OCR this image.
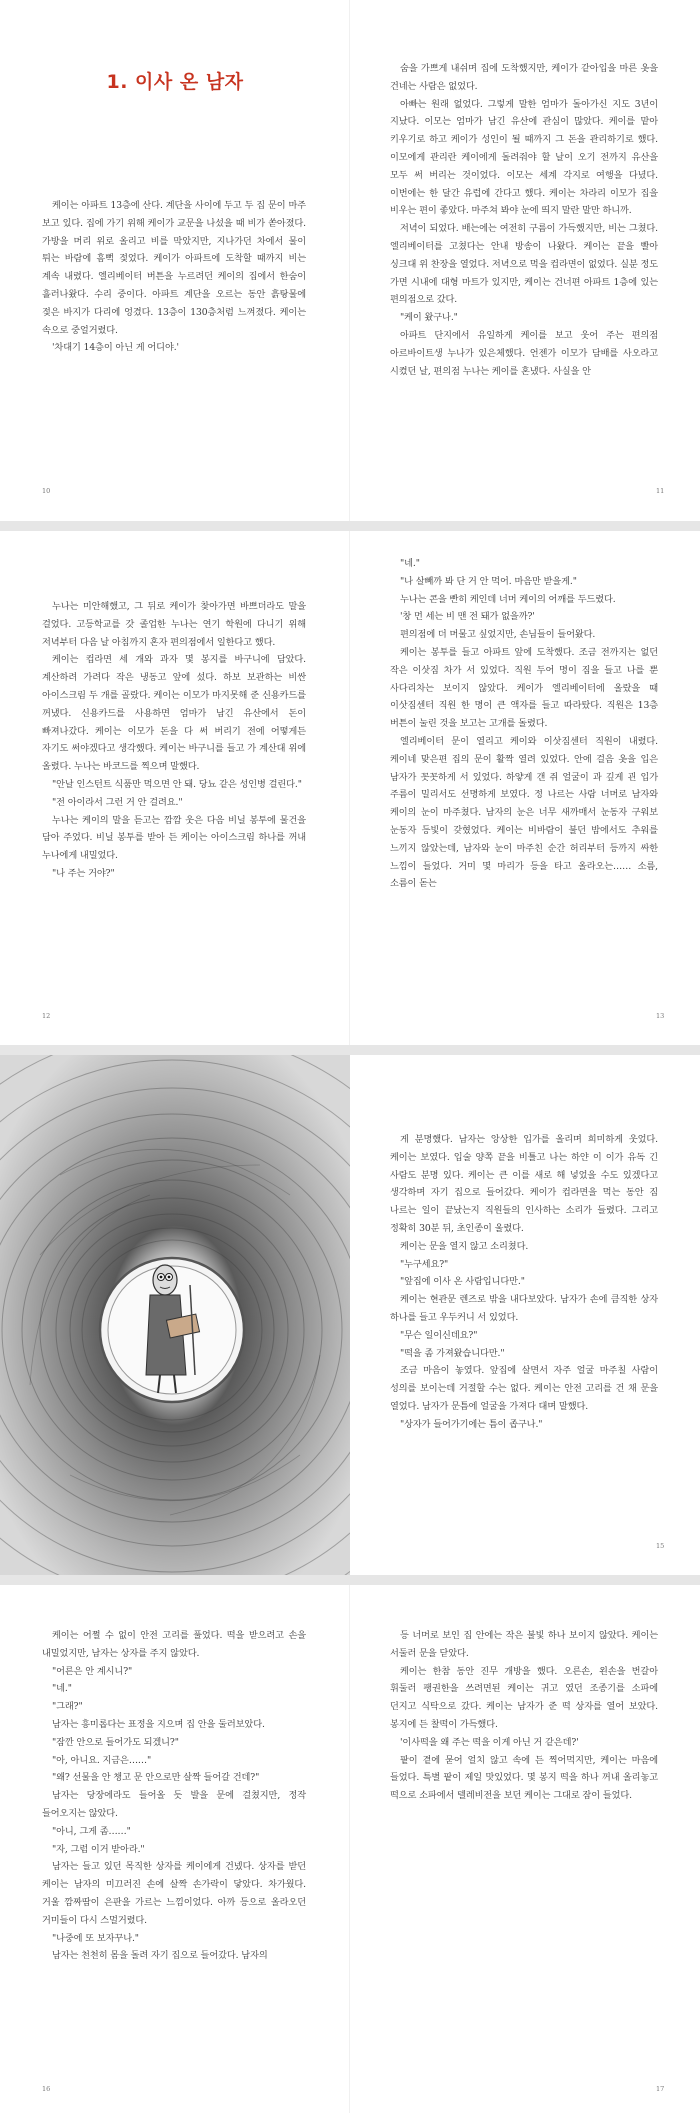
1. 이사 온 남자

케이는 아파트 13층에 산다. 계단을 사이에 두고 두 집 문이 마주 보고 있다. 집에 가기 위해 케이가 교문을 나섰을 때 비가 쏟아졌다. 가방을 머리 위로 올리고 비를 막았지만, 지나가던 차에서 물이 튀는 바람에 흠뻑 젖었다. 케이가 아파트에 도착할 때까지 비는 계속 내렸다. 엘리베이터 버튼을 누르려던 케이의 집에서 한숨이 흘러나왔다. 수리 중이다. 아파트 계단을 오르는 동안 흙탕물에 젖은 바지가 다리에 엉겼다. 13층이 130층처럼 느껴졌다. 케이는 속으로 중얼거렸다.

'차대기 14층이 아닌 게 어디야.'

10

숨을 가쁘게 내쉬며 집에 도착했지만, 케이가 같아입을 마른 옷을 건네는 사람은 없었다.

아빠는 원래 없었다. 그렇게 말한 엄마가 돌아가신 지도 3년이 지났다. 이모는 엄마가 남긴 유산에 관심이 많았다. 케이를 맡아 키우기로 하고 케이가 성인이 될 때까지 그 돈을 관리하기로 했다. 이모에게 관리란 케이에게 돌려줘야 할 날이 오기 전까지 유산을 모두 써 버리는 것이었다. 이모는 세계 각지로 여행을 다녔다. 이번에는 한 달간 유럽에 간다고 했다. 케이는 차라리 이모가 집을 비우는 편이 좋았다. 마주쳐 봐야 눈에 띄지 말란 말만 하니까.

저녁이 되었다. 배는에는 여전히 구름이 가득했지만, 비는 그쳤다. 엘리베이터를 고쳤다는 안내 방송이 나왔다. 케이는 끝을 빨아 싱크대 위 찬장을 열었다. 저녁으로 먹을 컵라면이 없었다. 실분 정도 가면 시내에 대형 마트가 있지만, 케이는 건너편 아파트 1층에 있는 편의점으로 갔다.

"케이 왔구나."

아파트 단지에서 유일하게 케이를 보고 웃어 주는 편의점 아르바이트생 누나가 있은체했다. 언젠가 이모가 담배를 사오라고 시켰던 날, 편의점 누나는 케이를 혼냈다. 사실을 안

11

누나는 미안해했고, 그 뒤로 케이가 찾아가면 바쁘더라도 말을 걸었다. 고등학교를 갓 졸업한 누나는 연기 학원에 다니기 위해 저녁부터 다음 날 아침까지 혼자 편의점에서 일한다고 했다.

케이는 컵라면 세 개와 과자 몇 봉지를 바구니에 담았다. 계산하려 가려다 작은 냉동고 앞에 섰다. 하보 보관하는 비싼 아이스크림 두 개를 골랐다. 케이는 이모가 마지못해 준 신용카드를 꺼냈다. 신용카드를 사용하면 엄마가 남긴 유산에서 돈이 빠져나갔다. 케이는 이모가 돈을 다 써 버리기 전에 어떻게든 자기도 써야겠다고 생각했다. 케이는 바구니를 들고 가 계산대 위에 올렸다. 누나는 바코드를 찍으며 말했다.

"안날 인스턴트 식품만 먹으면 안 돼. 당뇨 같은 성인병 걸린다."

"전 아이라서 그런 거 안 걸려요."

누나는 케이의 말을 듣고는 깜깜 웃은 다음 비닐 봉투에 물건을 담아 주었다. 비닐 봉투를 받아 든 케이는 아이스크림 하나를 꺼내 누나에게 내밀었다.

"나 주는 거야?"

12

"네."

"나 살빼까 봐 단 거 안 먹어. 마음만 받을게."

누나는 콘을 빤히 케인데 너머 케이의 어깨를 두드렸다.

'창 먼 세는 비 맨 전 돼가 없을까?'

편의점에 더 머물고 싶었지만, 손님들이 들어왔다.

케이는 봉투를 들고 아파트 앞에 도착했다. 조금 전까지는 없던 작은 이삿짐 차가 서 있었다. 직원 두어 명이 짐을 들고 나를 뿐 사다리차는 보이지 않았다. 케이가 엘리베이터에 올랐을 때 이삿짐센터 직원 한 명이 큰 액자를 들고 따라탔다. 직원은 13층 버튼이 눌린 것을 보고는 고개를 돌렸다.

엘리베이터 문이 열리고 케이와 이삿짐센터 직원이 내렸다. 케이네 맞은편 집의 문이 활짝 열려 있었다. 안에 걸음 옷을 입은 남자가 꼿꼿하게 서 있었다. 하얗게 갠 쥐 얼굴이 과 깊게 괸 입가 주름이 밀리서도 선명하게 보였다. 정 나르는 사람 너머로 남자와 케이의 눈이 마주쳤다. 남자의 눈은 너무 새까매서 눈동자 구워보 눈동자 등빛이 갖혔었다. 케이는 비바람이 불던 밤에서도 추워를 느끼지 않았는데, 남자와 눈이 마주친 순간 허리부터 등까지 싸한 느낌이 들었다. 거미 몇 마리가 등을 타고 올라오는…… 소름, 소름이 돋는

13

게 분명했다. 남자는 앙상한 입가를 올리며 희미하게 웃었다. 케이는 보였다. 입술 양쪽 끝을 비틀고 나는 하얀 이 이가 유독 긴 사람도 분명 있다. 케이는 큰 이를 새로 해 넣었을 수도 있겠다고 생각하며 자기 집으로 들어갔다. 케이가 컵라면을 먹는 동안 짐 나르는 일이 끝났는지 직원들의 인사하는 소리가 들렸다. 그리고 정확히 30분 뒤, 초인종이 울렸다.

케이는 문을 열지 않고 소리쳤다.

"누구세요?"

"앞집에 이사 온 사람입니다만."

케이는 현관문 렌즈로 밖을 내다보았다. 남자가 손에 큼직한 상자 하나를 들고 우두커니 서 있었다.

"무슨 일이신데요?"

"떡을 좀 가져왔습니다만."

조금 마음이 놓였다. 앞집에 살면서 자주 얼굴 마주칠 사람이 성의를 보이는데 거절할 수는 없다. 케이는 안전 고리를 건 채 문을 열었다. 남자가 문틈에 얼굴을 가져다 대며 말했다.

"상자가 들어가기에는 틈이 좁구나."

15

케이는 어쩔 수 없이 안전 고리를 풀었다. 떡을 받으려고 손을 내밀었지만, 남자는 상자를 주지 않았다.

"어른은 안 계시니?"

"네."

"그래?"

남자는 흥미롭다는 표정을 지으며 집 안을 둘러보았다.

"잠깐 안으로 들어가도 되겠니?"

"아, 아니요. 지금은……"

"왜? 선물을 안 챙고 문 안으로만 살짝 들어갈 건데?"

남자는 당장에라도 들어올 듯 발을 문에 걸쳤지만, 정작 들어오지는 않았다.

"아니, 그게 좀……"

"자, 그럼 이거 받아라."

남자는 들고 있던 목직한 상자를 케이에게 건넸다. 상자를 받던 케이는 남자의 미끄러진 손에 살짝 손가락이 닿았다. 차가웠다. 거울 깜짜땀이 은판을 가르는 느낌이었다. 아까 등으로 올라오던 거미들이 다시 스멀거렸다.

"나중에 또 보자꾸나."

남자는 천천히 몸을 돌려 자기 집으로 들어갔다. 남자의

16

등 너머로 보인 집 안에는 작은 불빛 하나 보이지 않았다. 케이는 서둘러 문을 닫았다.

케이는 한참 동안 진무 개방을 했다. 오른손, 왼손을 번갈아 휘둘러 팽권한을 쓰려면된 케이는 귀고 였던 조종기를 소파에 던지고 식탁으로 갔다. 케이는 남자가 준 떡 상자를 열어 보았다. 봉지에 든 찰떡이 가득했다.

'이사떡을 왜 주는 떡을 이게 아닌 거 같은데?'

팥이 곁에 묻어 얼치 않고 속에 든 찍어먹지만, 케이는 마음에 들었다. 특별 팥이 제일 맛있었다. 몇 봉지 떡을 하나 꺼내 올리놓고 떡으로 소파에서 텔레비전을 보던 케이는 그대로 잠이 들었다.

17
